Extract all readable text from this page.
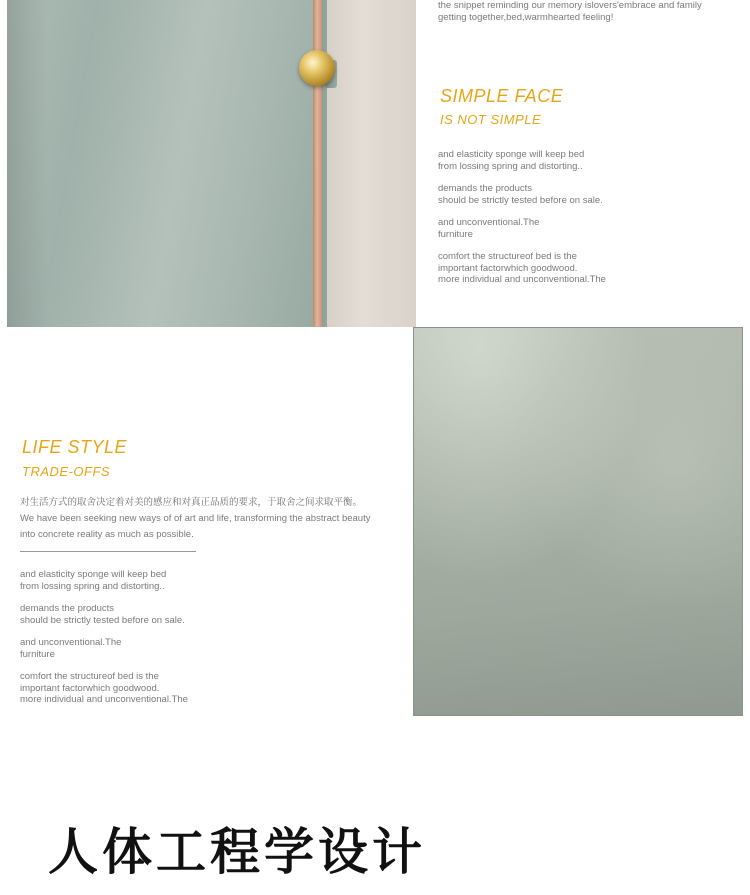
the snippet reminding our memory islovers'embrace and family

getting together,bed,warmhearted feeling!

SIMPLE FACE
IS NOT SIMPLE

and elasticity sponge will keep bed
from lossing spring and distorting..

demands the products
should be strictly tested before on sale.

and unconventional.The
furniture

comfort the structureof bed is the
important factorwhich goodwood.
more individual and unconventional.The

LIFE STYLE
TRADE-OFFS

对生活方式的取舍决定着对美的感应和对真正品质的要求，于取舍之间求取平衡。

We have been seeking new ways of of art and life, transforming the abstract beauty
into concrete reality as much as possible.

and elasticity sponge will keep bed
from lossing spring and distorting..

demands the products
should be strictly tested before on sale.

and unconventional.The
furniture

comfort the structureof bed is the
important factorwhich goodwood.
more individual and unconventional.The

人体工程学设计
